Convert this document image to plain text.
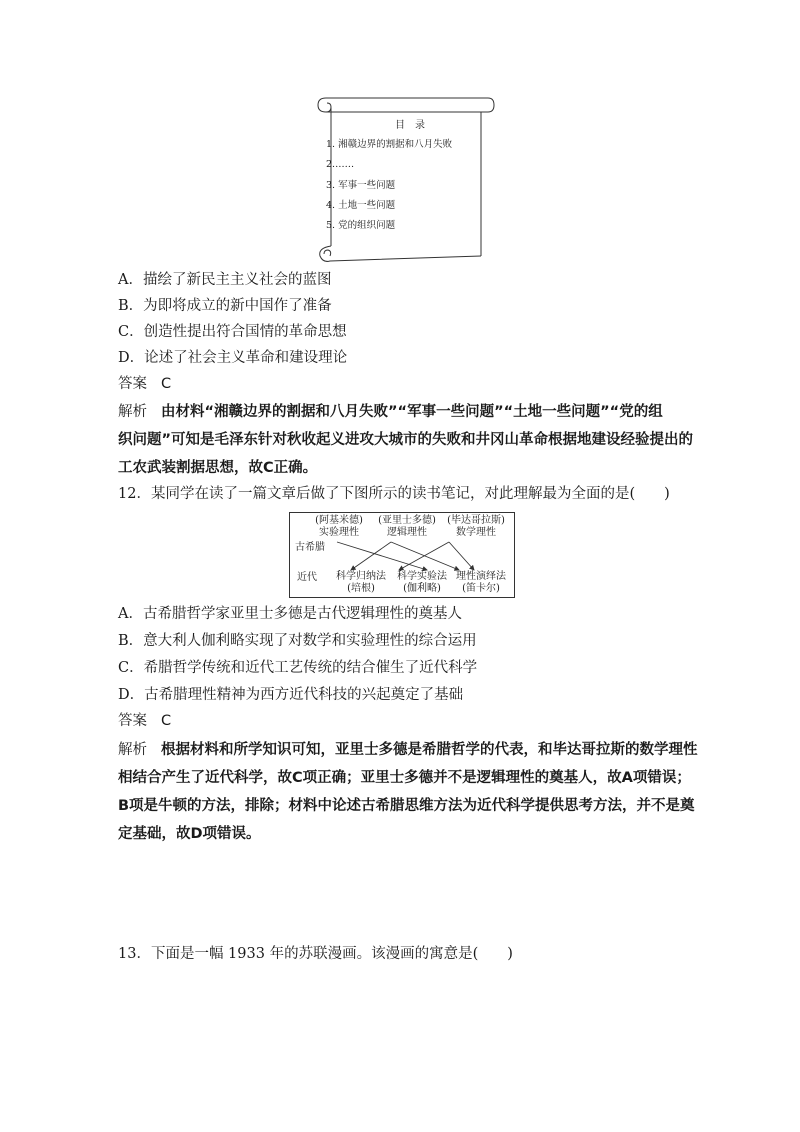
目　录
1. 湘赣边界的割据和八月失败
2.……
3. 军事一些问题
4. 土地一些问题
5. 党的组织问题
A．描绘了新民主主义社会的蓝图
B．为即将成立的新中国作了准备
C．创造性提出符合国情的革命思想
D．论述了社会主义革命和建设理论
答案 C
解析 由材料“湘赣边界的割据和八月失败”“军事一些问题”“土地一些问题”“党的组
织问题”可知是毛泽东针对秋收起义进攻大城市的失败和井冈山革命根据地建设经验提出的
工农武装割据思想，故C正确。
12．某同学在读了一篇文章后做了下图所示的读书笔记，对此理解最为全面的是(　　)
古希腊
近代
(阿基米德)
实验理性
(亚里士多德)
逻辑理性
(毕达哥拉斯)
数学理性
科学归纳法
(培根)
科学实验法
(伽利略)
理性演绎法
(笛卡尔)
A．古希腊哲学家亚里士多德是古代逻辑理性的奠基人
B．意大利人伽利略实现了对数学和实验理性的综合运用
C．希腊哲学传统和近代工艺传统的结合催生了近代科学
D．古希腊理性精神为西方近代科技的兴起奠定了基础
答案 C
解析 根据材料和所学知识可知，亚里士多德是希腊哲学的代表，和毕达哥拉斯的数学理性
相结合产生了近代科学，故C项正确；亚里士多德并不是逻辑理性的奠基人，故A项错误；
B项是牛顿的方法，排除；材料中论述古希腊思维方法为近代科学提供思考方法，并不是奠
定基础，故D项错误。
13．下面是一幅 1933 年的苏联漫画。该漫画的寓意是(　　)
